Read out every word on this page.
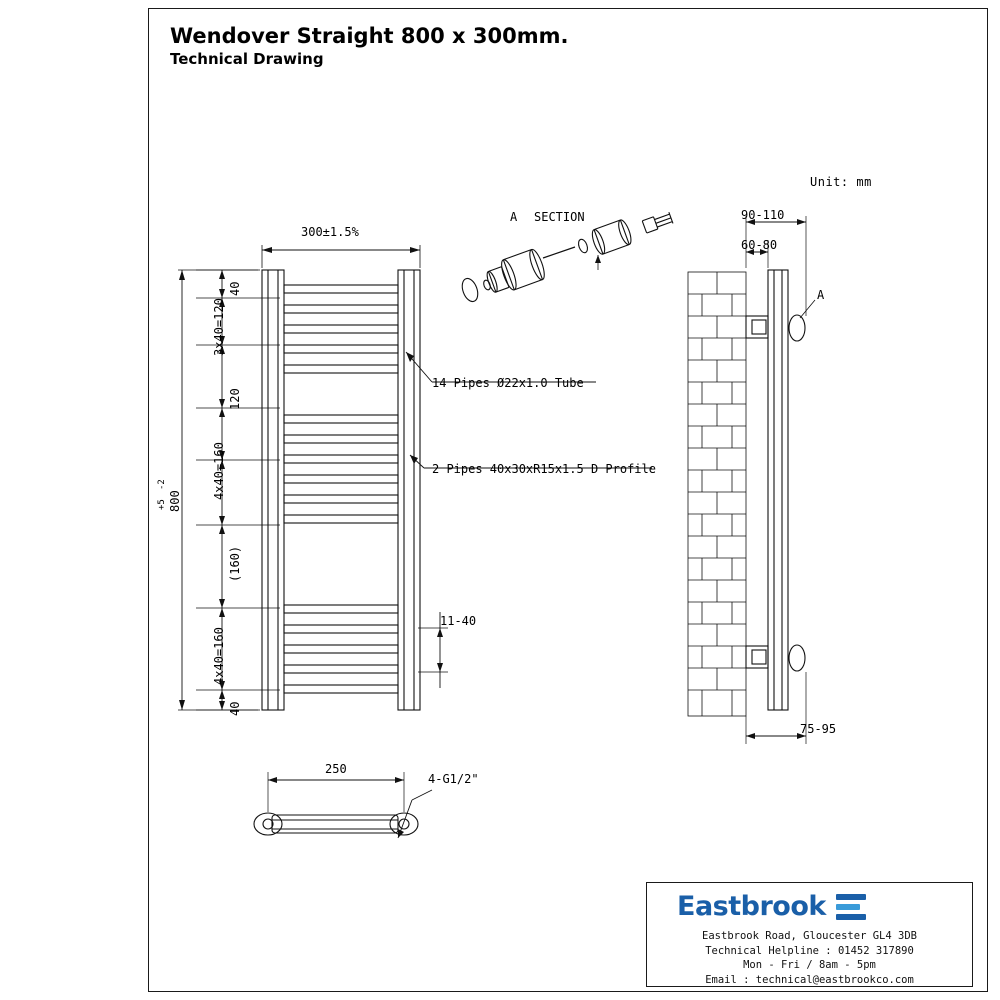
Wendover Straight 800 x 300mm.
Technical Drawing
Unit: mm
300±1.5%
800
+5
-2
40
3x40=120
120
4x40=160
(160)
4x40=160
40
11-40
14 Pipes Ø22x1.0 Tube
2 Pipes 40x30xR15x1.5 D Profile
A SECTION	90-110
60-80
75-95
A
250
4-G1/2"
Eastbrook
Eastbrook Road, Gloucester GL4 3DB
Technical Helpline : 01452 317890
Mon - Fri / 8am - 5pm
Email : technical@eastbrookco.com
